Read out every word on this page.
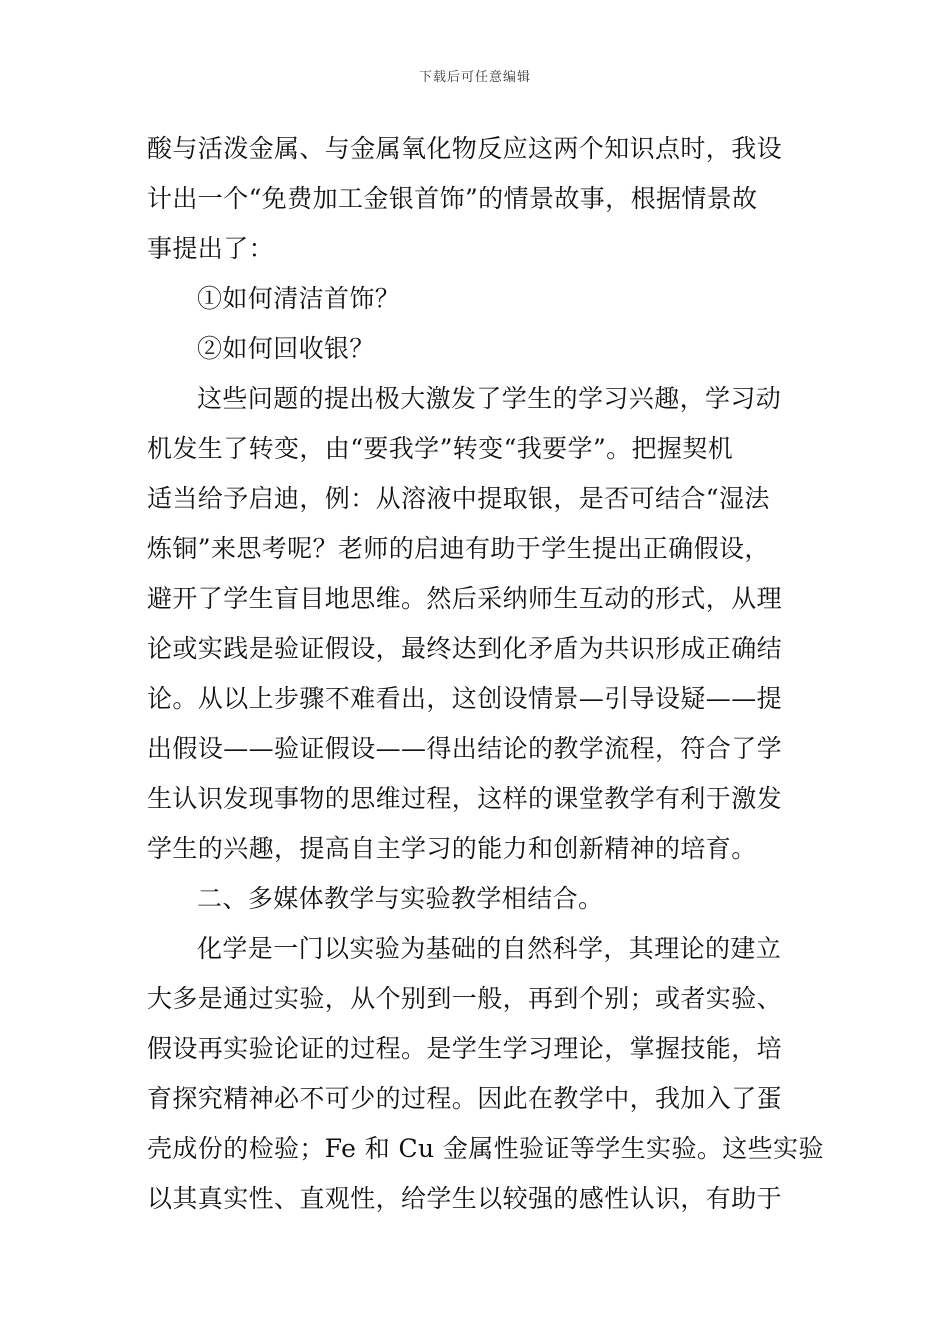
下载后可任意编辑
酸与活泼金属、与金属氧化物反应这两个知识点时，我设
计出一个“免费加工金银首饰”的情景故事，根据情景故
事提出了：
①如何清洁首饰？
②如何回收银？
这些问题的提出极大激发了学生的学习兴趣，学习动
机发生了转变，由“要我学”转变“我要学”。把握契机
适当给予启迪，例：从溶液中提取银，是否可结合“湿法
炼铜”来思考呢？老师的启迪有助于学生提出正确假设，
避开了学生盲目地思维。然后采纳师生互动的形式，从理
论或实践是验证假设，最终达到化矛盾为共识形成正确结
论。从以上步骤不难看出，这创设情景—引导设疑——提
出假设——验证假设——得出结论的教学流程，符合了学
生认识发现事物的思维过程，这样的课堂教学有利于激发
学生的兴趣，提高自主学习的能力和创新精神的培育。
二、多媒体教学与实验教学相结合。
化学是一门以实验为基础的自然科学，其理论的建立
大多是通过实验，从个别到一般，再到个别；或者实验、
假设再实验论证的过程。是学生学习理论，掌握技能，培
育探究精神必不可少的过程。因此在教学中，我加入了蛋
壳成份的检验；Fe 和 Cu 金属性验证等学生实验。这些实验
以其真实性、直观性，给学生以较强的感性认识，有助于
